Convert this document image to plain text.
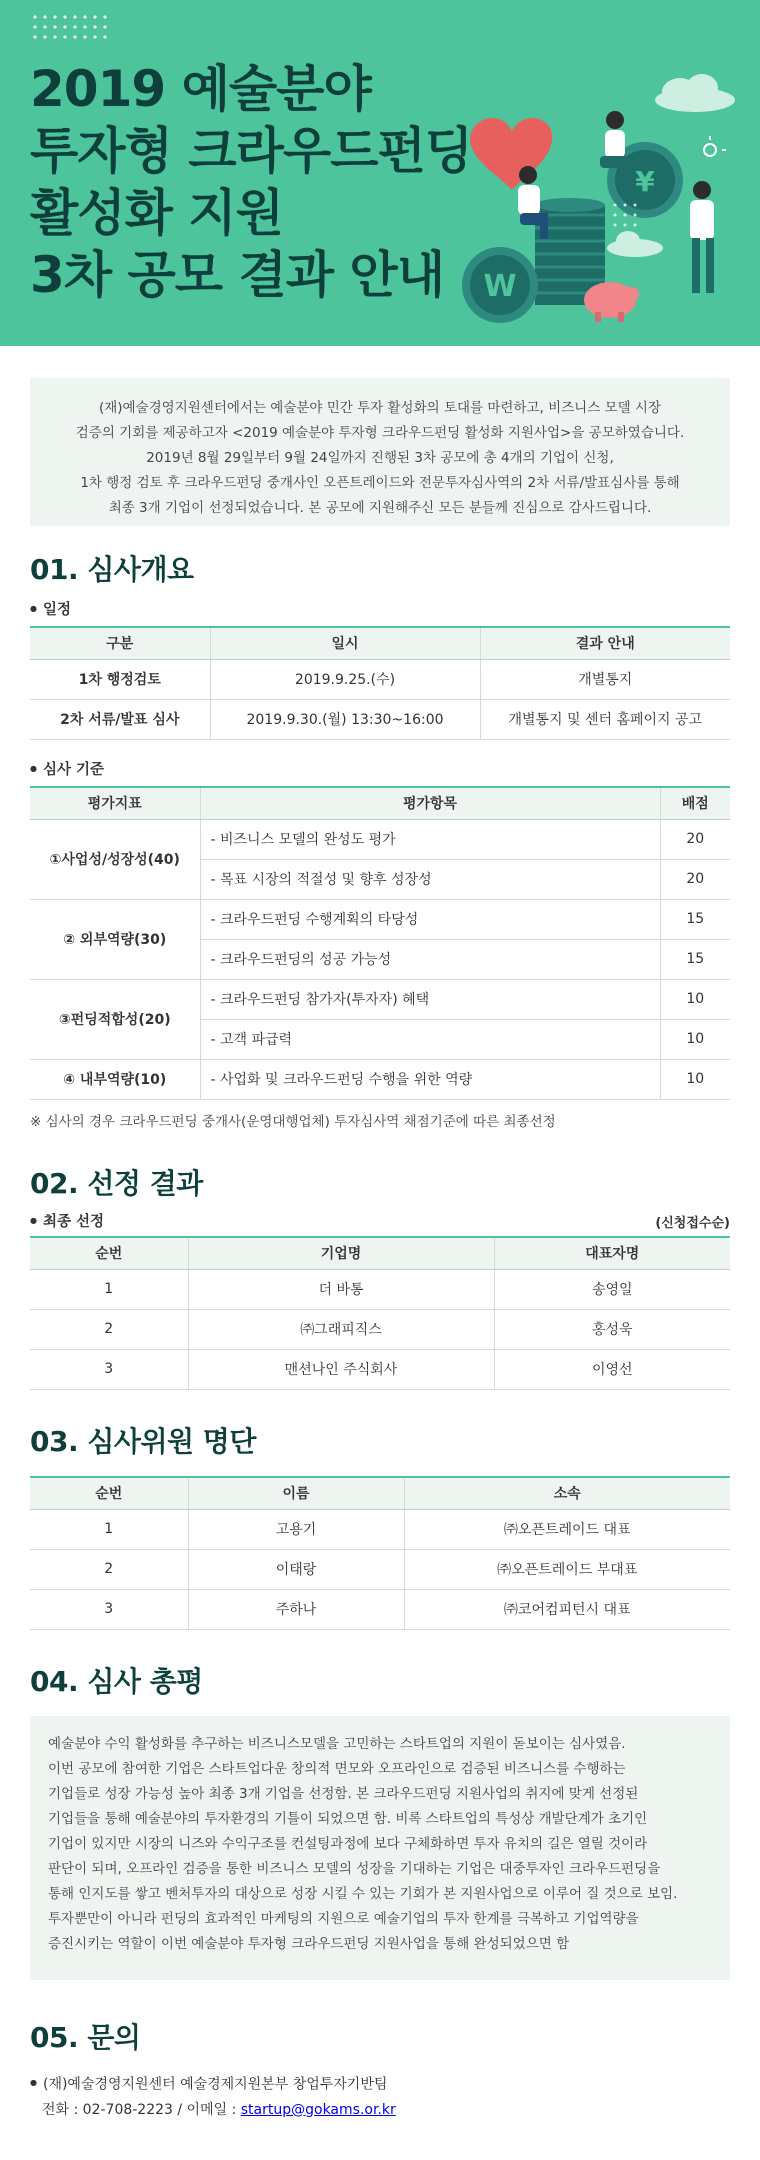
2019 예술분야
투자형 크라우드펀딩
활성화 지원
3차 공모 결과 안내	W
¥
(재)예술경영지원센터에서는 예술분야 민간 투자 활성화의 토대를 마련하고, 비즈니스 모델 시장
검증의 기회를 제공하고자 <2019 예술분야 투자형 크라우드펀딩 활성화 지원사업>을 공모하였습니다.
2019년 8월 29일부터 9월 24일까지 진행된 3차 공모에 총 4개의 기업이 신청,
1차 행정 검토 후 크라우드펀딩 중개사인 오픈트레이드와 전문투자심사역의 2차 서류/발표심사를 통해
최종 3개 기업이 선정되었습니다. 본 공모에 지원해주신 모든 분들께 진심으로 감사드립니다.
01. 심사개요
● 일정
구분	일시	결과 안내
1차 행정검토	2019.9.25.(수)	개별통지
2차 서류/발표 심사	2019.9.30.(월) 13:30~16:00	개별통지 및 센터 홈페이지 공고
● 심사 기준
평가지표	평가항목	배점
①사업성/성장성(40)	- 비즈니스 모델의 완성도 평가	20
	- 목표 시장의 적절성 및 향후 성장성	20
② 외부역량(30)	- 크라우드펀딩 수행계획의 타당성	15
	- 크라우드펀딩의 성공 가능성	15
③펀딩적합성(20)	- 크라우드펀딩 참가자(투자자) 혜택	10
	- 고객 파급력	10
④ 내부역량(10)	- 사업화 및 크라우드펀딩 수행을 위한 역량	10
※ 심사의 경우 크라우드펀딩 중개사(운영대행업체) 투자심사역 채점기준에 따른 최종선정
02. 선정 결과
● 최종 선정	(신청접수순)
순번	기업명	대표자명
1	더 바통	송영일
2	㈜그래피직스	홍성욱
3	맨션나인 주식회사	이영선
03. 심사위원 명단
순번	이름	소속
1	고용기	㈜오픈트레이드 대표
2	이태랑	㈜오픈트레이드 부대표
3	주하나	㈜코어컴피턴시 대표
04. 심사 총평
예술분야 수익 활성화를 추구하는 비즈니스모델을 고민하는 스타트업의 지원이 돋보이는 심사였음.
이번 공모에 참여한 기업은 스타트업다운 창의적 면모와 오프라인으로 검증된 비즈니스를 수행하는
기업들로 성장 가능성 높아 최종 3개 기업을 선정함. 본 크라우드펀딩 지원사업의 취지에 맞게 선정된
기업들을 통해 예술분야의 투자환경의 기틀이 되었으면 함. 비록 스타트업의 특성상 개발단계가 초기인
기업이 있지만 시장의 니즈와 수익구조를 컨설팅과정에 보다 구체화하면 투자 유치의 길은 열릴 것이라
판단이 되며, 오프라인 검증을 통한 비즈니스 모델의 성장을 기대하는 기업은 대중투자인 크라우드펀딩을
통해 인지도를 쌓고 벤처투자의 대상으로 성장 시킬 수 있는 기회가 본 지원사업으로 이루어 질 것으로 보임.
투자뿐만이 아니라 펀딩의 효과적인 마케팅의 지원으로 예술기업의 투자 한계를 극복하고 기업역량을
증진시키는 역할이 이번 예술분야 투자형 크라우드펀딩 지원사업을 통해 완성되었으면 함
05. 문의
● (재)예술경영지원센터 예술경제지원본부 창업투자기반팀
전화 : 02-708-2223 / 이메일 : startup@gokams.or.kr
